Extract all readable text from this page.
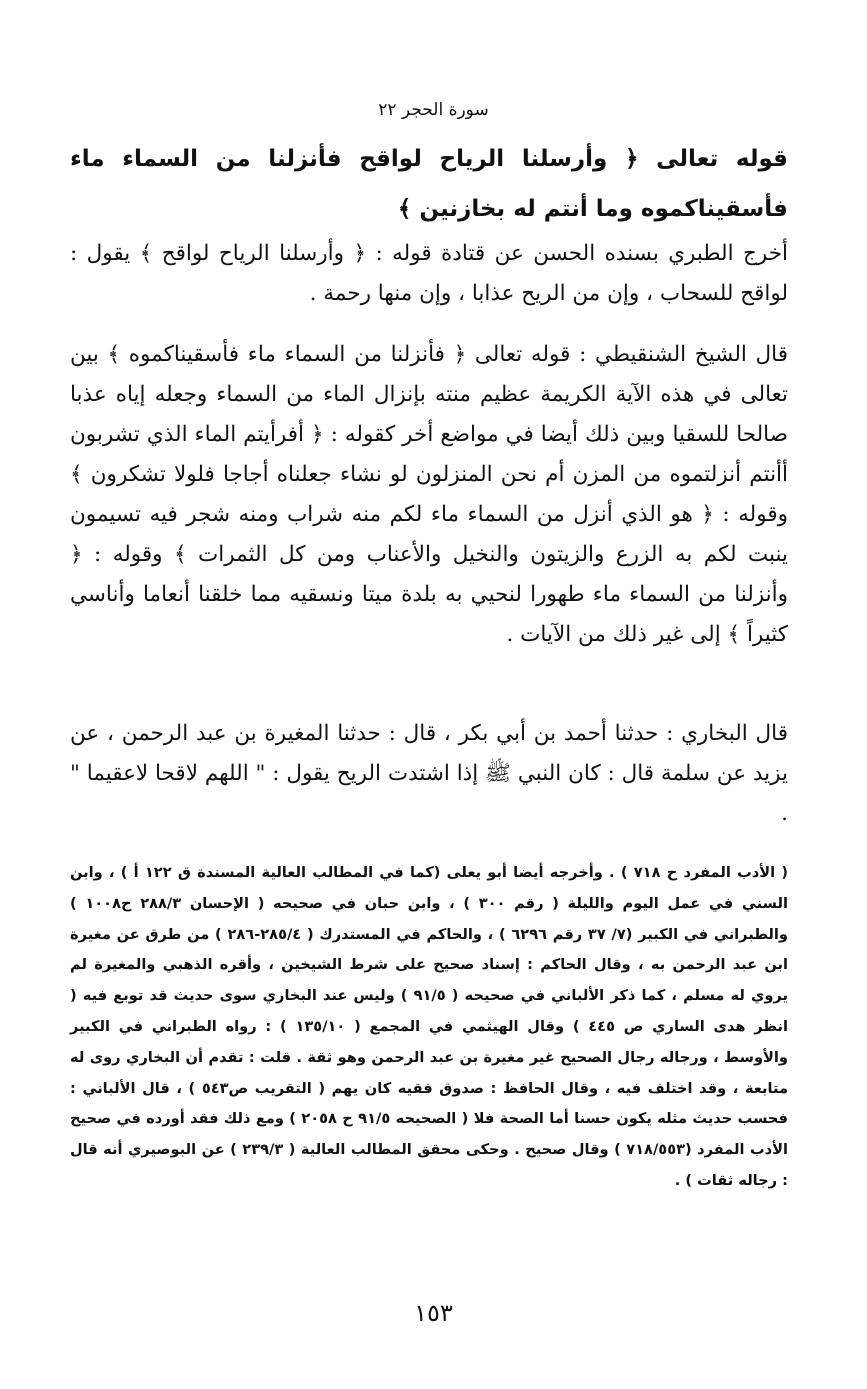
سورة الحجر ٢٢
قوله تعالى ﴿ وأرسلنا الرياح لواقح فأنزلنا من السماء ماء فأسقيناكموه وما أنتم له بخازنين ﴾
أخرج الطبري بسنده الحسن عن قتادة قوله : ﴿ وأرسلنا الرياح لواقح ﴾ يقول : لواقح للسحاب ، وإن من الريح عذابا ، وإن منها رحمة .
قال الشيخ الشنقيطي : قوله تعالى ﴿ فأنزلنا من السماء ماء فأسقيناكموه ﴾ بين تعالى في هذه الآية الكريمة عظيم منته بإنزال الماء من السماء وجعله إياه عذبا صالحا للسقيا وبين ذلك أيضا في مواضع أخر كقوله : ﴿ أفرأيتم الماء الذي تشربون أأنتم أنزلتموه من المزن أم نحن المنزلون لو نشاء جعلناه أجاجا فلولا تشكرون ﴾ وقوله : ﴿ هو الذي أنزل من السماء ماء لكم منه شراب ومنه شجر فيه تسيمون ينبت لكم به الزرع والزيتون والنخيل والأعناب ومن كل الثمرات ﴾ وقوله : ﴿ وأنزلنا من السماء ماء طهورا لنحيي به بلدة ميتا ونسقيه مما خلقنا أنعاما وأناسي كثيراً ﴾ إلى غير ذلك من الآيات .
قال البخاري : حدثنا أحمد بن أبي بكر ، قال : حدثنا المغيرة بن عبد الرحمن ، عن يزيد عن سلمة قال : كان النبي ﷺ إذا اشتدت الريح يقول : " اللهم لاقحا لاعقيما " .
( الأدب المفرد ح ٧١٨ ) . وأخرجه أيضا أبو يعلى (كما في المطالب العالية المسندة ق ١٢٢ أ ) ، وابن السني في عمل اليوم والليلة ( رقم ٣٠٠ ) ، وابن حبان في صحيحه ( الإحسان ٢٨٨/٣ ح١٠٠٨ ) والطبراني في الكبير (٧/ ٣٧ رقم ٦٢٩٦ ) ، والحاكم في المستدرك ( ٢٨٥/٤-٢٨٦ ) من طرق عن مغيرة ابن عبد الرحمن به ، وقال الحاكم : إسناد صحيح على شرط الشيخين ، وأقره الذهبي والمغيرة لم يروي له مسلم ، كما ذكر الألباني في صحيحه ( ٩١/٥ ) وليس عند البخاري سوى حديث قد توبع فيه ( انظر هدى الساري ص ٤٤٥ ) وقال الهيثمي في المجمع ( ١٣٥/١٠ ) : رواه الطبراني في الكبير والأوسط ، ورجاله رجال الصحيح غير مغيرة بن عبد الرحمن وهو ثقة . قلت : تقدم أن البخاري روى له متابعة ، وقد اختلف فيه ، وقال الحافظ : صدوق فقيه كان يهم ( التقريب ص٥٤٣ ) ، قال الألباني : فحسب حديث مثله يكون حسنا أما الصحة فلا ( الصحيحه ٩١/٥ ح ٢٠٥٨ ) ومع ذلك فقد أورده في صحيح الأدب المفرد (٧١٨/٥٥٣ ) وقال صحيح . وحكى محقق المطالب العالية ( ٢٣٩/٣ ) عن البوصيري أنه قال : رجاله ثقات ) .
١٥٣
